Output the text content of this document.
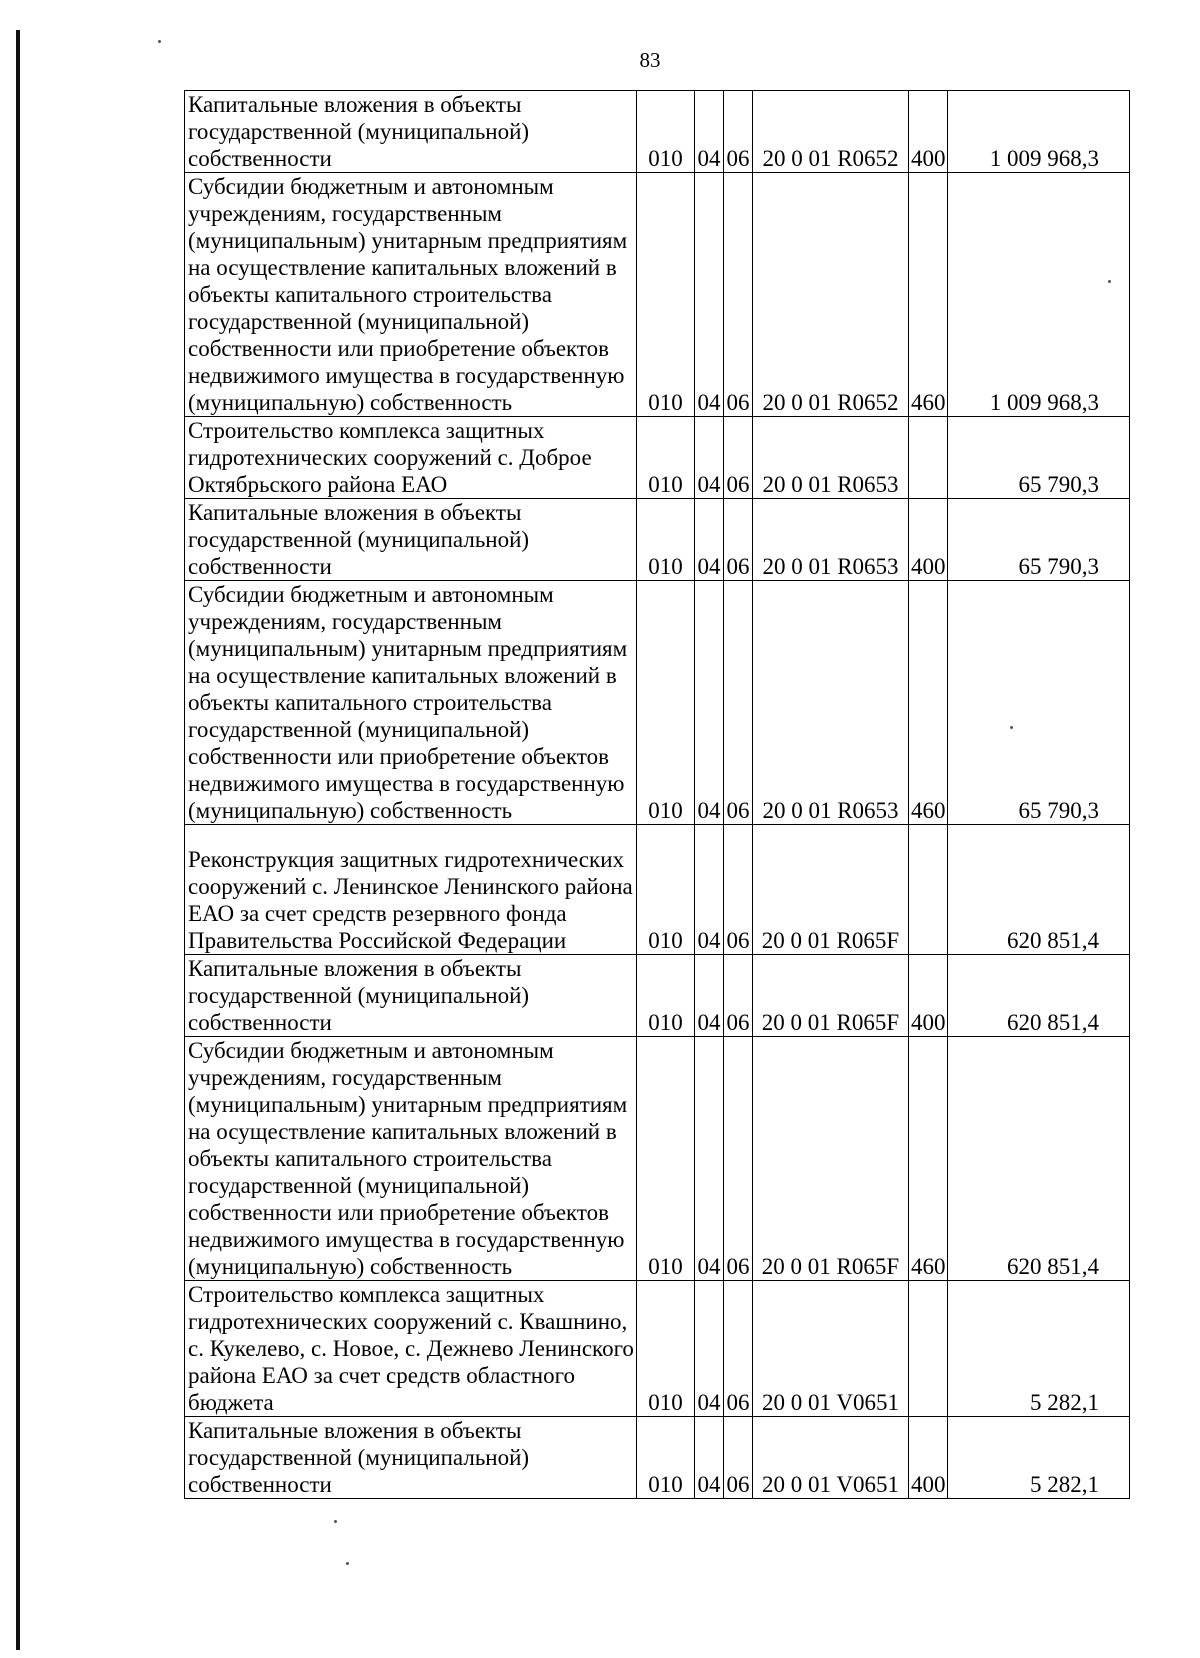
83
Капитальные вложения в объекты государственной (муниципальной) собственности	010	04	06	20 0 01 R0652	400	1 009 968,3
Субсидии бюджетным и автономным учреждениям, государственным (муниципальным) унитарным предприятиям на осуществление капитальных вложений в объекты капитального строительства государственной (муниципальной) собственности или приобретение объектов недвижимого имущества в государственную (муниципальную) собственность	010	04	06	20 0 01 R0652	460	1 009 968,3
Строительство комплекса защитных гидротехнических сооружений с. Доброе Октябрьского района ЕАО	010	04	06	20 0 01 R0653		65 790,3
Капитальные вложения в объекты государственной (муниципальной) собственности	010	04	06	20 0 01 R0653	400	65 790,3
Субсидии бюджетным и автономным учреждениям, государственным (муниципальным) унитарным предприятиям на осуществление капитальных вложений в объекты капитального строительства государственной (муниципальной) собственности или приобретение объектов недвижимого имущества в государственную (муниципальную) собственность	010	04	06	20 0 01 R0653	460	65 790,3
Реконструкция защитных гидротехнических сооружений с. Ленинское Ленинского района ЕАО за счет средств резервного фонда Правительства Российской Федерации	010	04	06	20 0 01 R065F		620 851,4
Капитальные вложения в объекты государственной (муниципальной) собственности	010	04	06	20 0 01 R065F	400	620 851,4
Субсидии бюджетным и автономным учреждениям, государственным (муниципальным) унитарным предприятиям на осуществление капитальных вложений в объекты капитального строительства государственной (муниципальной) собственности или приобретение объектов недвижимого имущества в государственную (муниципальную) собственность	010	04	06	20 0 01 R065F	460	620 851,4
Строительство комплекса защитных гидротехнических сооружений с. Квашнино, с. Кукелево, с. Новое, с. Дежнево Ленинского района ЕАО за счет средств областного бюджета	010	04	06	20 0 01 V0651		5 282,1
Капитальные вложения в объекты государственной (муниципальной) собственности	010	04	06	20 0 01 V0651	400	5 282,1
